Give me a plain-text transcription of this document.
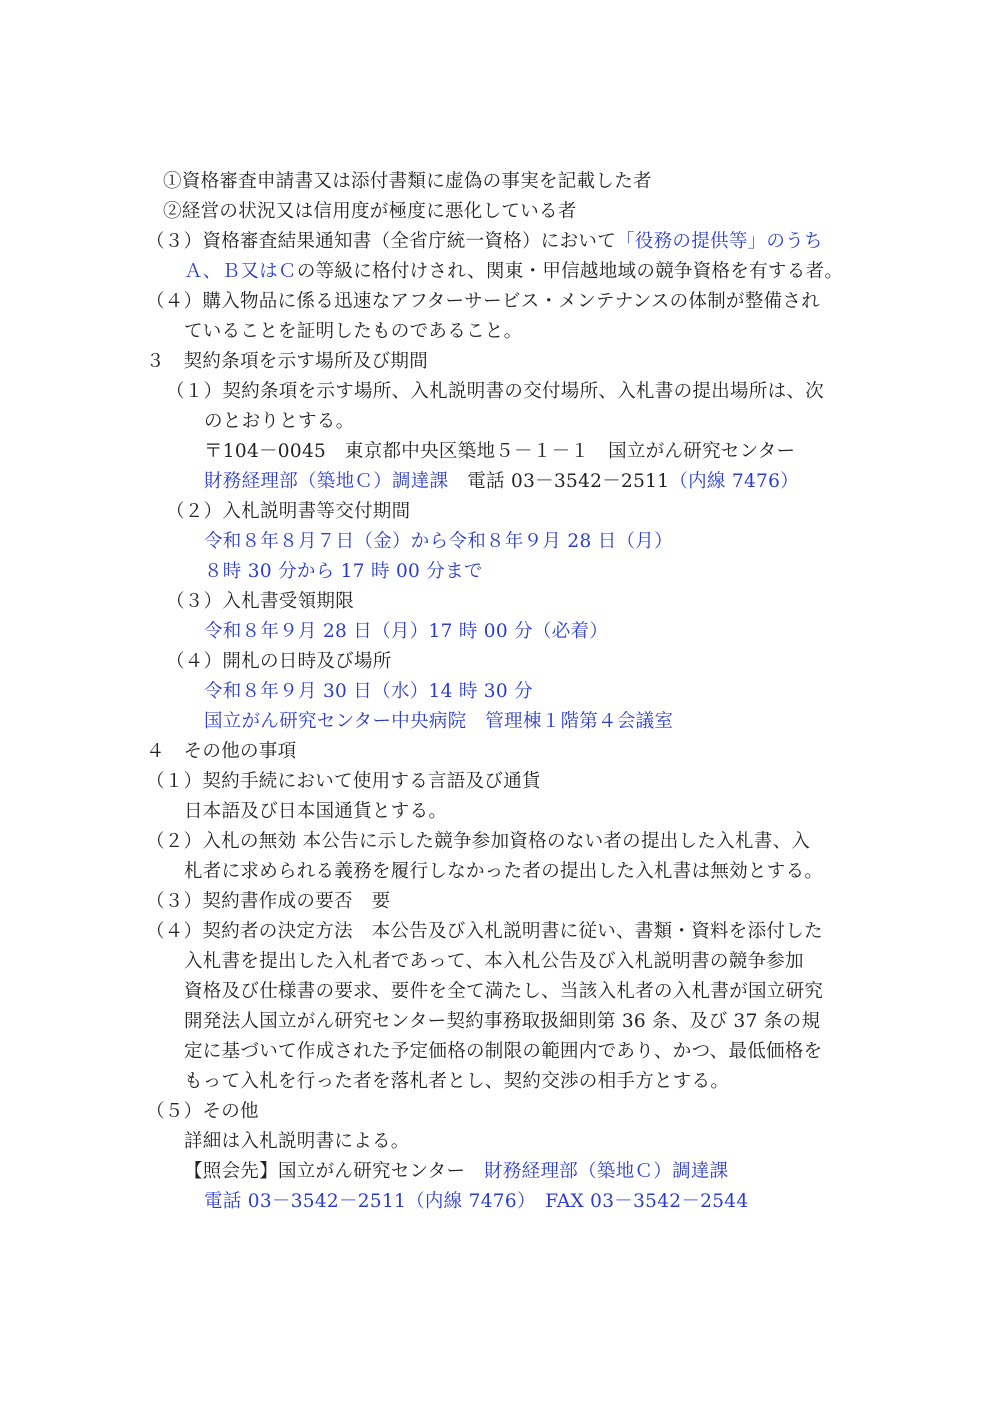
①資格審査申請書又は添付書類に虚偽の事実を記載した者
②経営の状況又は信用度が極度に悪化している者
（３）資格審査結果通知書（全省庁統一資格）において「役務の提供等」のうち
Ａ、Ｂ又はＣの等級に格付けされ、関東・甲信越地域の競争資格を有する者。
（４）購入物品に係る迅速なアフターサービス・メンテナンスの体制が整備され
ていることを証明したものであること。
３　契約条項を示す場所及び期間
（１）契約条項を示す場所、入札説明書の交付場所、入札書の提出場所は、次
のとおりとする。
〒104－0045　東京都中央区築地５－１－１　国立がん研究センター
財務経理部（築地Ｃ）調達課　 電話 03－3542－2511（内線 7476）
（２）入札説明書等交付期間
令和８年８月７日（金）から令和８年９月 28 日（月）
８時 30 分から 17 時 00 分まで
（３）入札書受領期限
令和８年９月 28 日（月）17 時 00 分（必着）
（４）開札の日時及び場所
令和８年９月 30 日（水）14 時 30 分
国立がん研究センター中央病院　管理棟１階第４会議室
４　その他の事項
（１）契約手続において使用する言語及び通貨
日本語及び日本国通貨とする。
（２）入札の無効 本公告に示した競争参加資格のない者の提出した入札書、入
札者に求められる義務を履行しなかった者の提出した入札書は無効とする。
（３）契約書作成の要否　要
（４）契約者の決定方法　本公告及び入札説明書に従い、書類・資料を添付した
入札書を提出した入札者であって、本入札公告及び入札説明書の競争参加
資格及び仕様書の要求、要件を全て満たし、当該入札者の入札書が国立研究
開発法人国立がん研究センター契約事務取扱細則第 36 条、及び 37 条の規
定に基づいて作成された予定価格の制限の範囲内であり、かつ、最低価格を
もって入札を行った者を落札者とし、契約交渉の相手方とする。
（５）その他
詳細は入札説明書による。
【照会先】国立がん研究センター　 財務経理部（築地Ｃ）調達課
電話 03－3542－2511（内線 7476）　FAX 03－3542－2544
